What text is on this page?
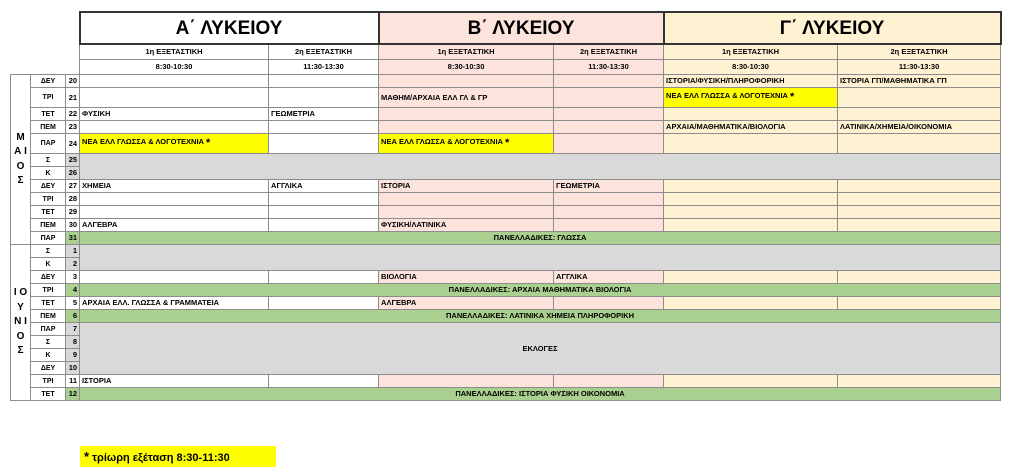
			Α΄ ΛΥΚΕΙΟΥ		Β΄ ΛΥΚΕΙΟΥ		Γ΄ ΛΥΚΕΙΟΥ	
			1η ΕΞΕΤΑΣΤΙΚΗ	2η ΕΞΕΤΑΣΤΙΚΗ	1η ΕΞΕΤΑΣΤΙΚΗ	2η ΕΞΕΤΑΣΤΙΚΗ	1η ΕΞΕΤΑΣΤΙΚΗ	2η ΕΞΕΤΑΣΤΙΚΗ
			8:30-10:30	11:30-13:30	8:30-10:30	11:30-13:30	8:30-10:30	11:30-13:30
Μ Α Ι Ο Σ	ΔΕΥ	20					ΙΣΤΟΡΙΑ/ΦΥΣΙΚΗ/ΠΛΗΡΟΦΟΡΙΚΗ	ΙΣΤΟΡΙΑ ΓΠ/ΜΑΘΗΜΑΤΙΚΑ ΓΠ
	ΤΡΙ	21			ΜΑΘΗΜ/ΑΡΧΑΙΑ ΕΛΛ ΓΛ & ΓΡ		ΝΕΑ ΕΛΛ ΓΛΩΣΣΑ & ΛΟΓΟΤΕΧΝΙΑ *	
	ΤΕΤ	22	ΦΥΣΙΚΗ	ΓΕΩΜΕΤΡΙΑ				
	ΠΕΜ	23					ΑΡΧΑΙΑ/ΜΑΘΗΜΑΤΙΚΑ/ΒΙΟΛΟΓΙΑ	ΛΑΤΙΝΙΚΑ/ΧΗΜΕΙΑ/ΟΙΚΟΝΟΜΙΑ
	ΠΑΡ	24	ΝΕΑ ΕΛΛ ΓΛΩΣΣΑ & ΛΟΓΟΤΕΧΝΙΑ *		ΝΕΑ ΕΛΛ ΓΛΩΣΣΑ & ΛΟΓΟΤΕΧΝΙΑ *			
	Σ	25						
	Κ	26						
	ΔΕΥ	27	ΧΗΜΕΙΑ	ΑΓΓΛΙΚΑ	ΙΣΤΟΡΙΑ	ΓΕΩΜΕΤΡΙΑ		
	ΤΡΙ	28						
	ΤΕΤ	29						
	ΠΕΜ	30	ΑΛΓΕΒΡΑ		ΦΥΣΙΚΗ/ΛΑΤΙΝΙΚΑ			
	ΠΑΡ	31	ΠΑΝΕΛΛΑΔΙΚΕΣ: ΓΛΩΣΣΑ					
Ι Ο Υ Ν Ι Ο Σ	Σ	1						
	Κ	2						
	ΔΕΥ	3			ΒΙΟΛΟΓΙΑ	ΑΓΓΛΙΚΑ		
	ΤΡΙ	4	ΠΑΝΕΛΛΑΔΙΚΕΣ: ΑΡΧΑΙΑ ΜΑΘΗΜΑΤΙΚΑ ΒΙΟΛΟΓΙΑ					
	ΤΕΤ	5	ΑΡΧΑΙΑ ΕΛΛ. ΓΛΩΣΣΑ & ΓΡΑΜΜΑΤΕΙΑ		ΑΛΓΕΒΡΑ			
	ΠΕΜ	6	ΠΑΝΕΛΛΑΔΙΚΕΣ: ΛΑΤΙΝΙΚΑ ΧΗΜΕΙΑ ΠΛΗΡΟΦΟΡΙΚΗ					
	ΠΑΡ	7	ΕΚΛΟΓΕΣ					
	Σ	8						
	Κ	9						
	ΔΕΥ	10						
	ΤΡΙ	11	ΙΣΤΟΡΙΑ					
	ΤΕΤ	12	ΠΑΝΕΛΛΑΔΙΚΕΣ: ΙΣΤΟΡΙΑ ΦΥΣΙΚΗ ΟΙΚΟΝΟΜΙΑ					
* τρίωρη εξέταση 8:30-11:30
